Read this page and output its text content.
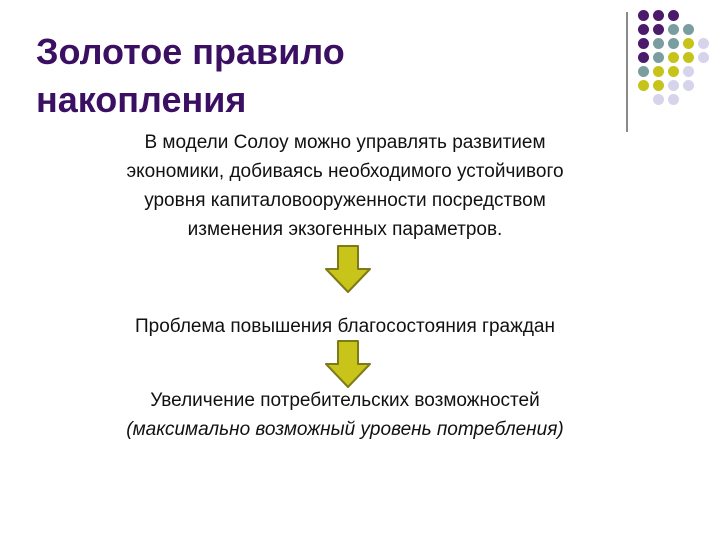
Золотое правило
накопления
В модели Солоу можно управлять развитием
экономики, добиваясь необходимого устойчивого
уровня капиталовооруженности посредством
изменения экзогенных параметров.
Проблема повышения благосостояния граждан
Увеличение потребительских возможностей
(максимально возможный уровень потребления)
